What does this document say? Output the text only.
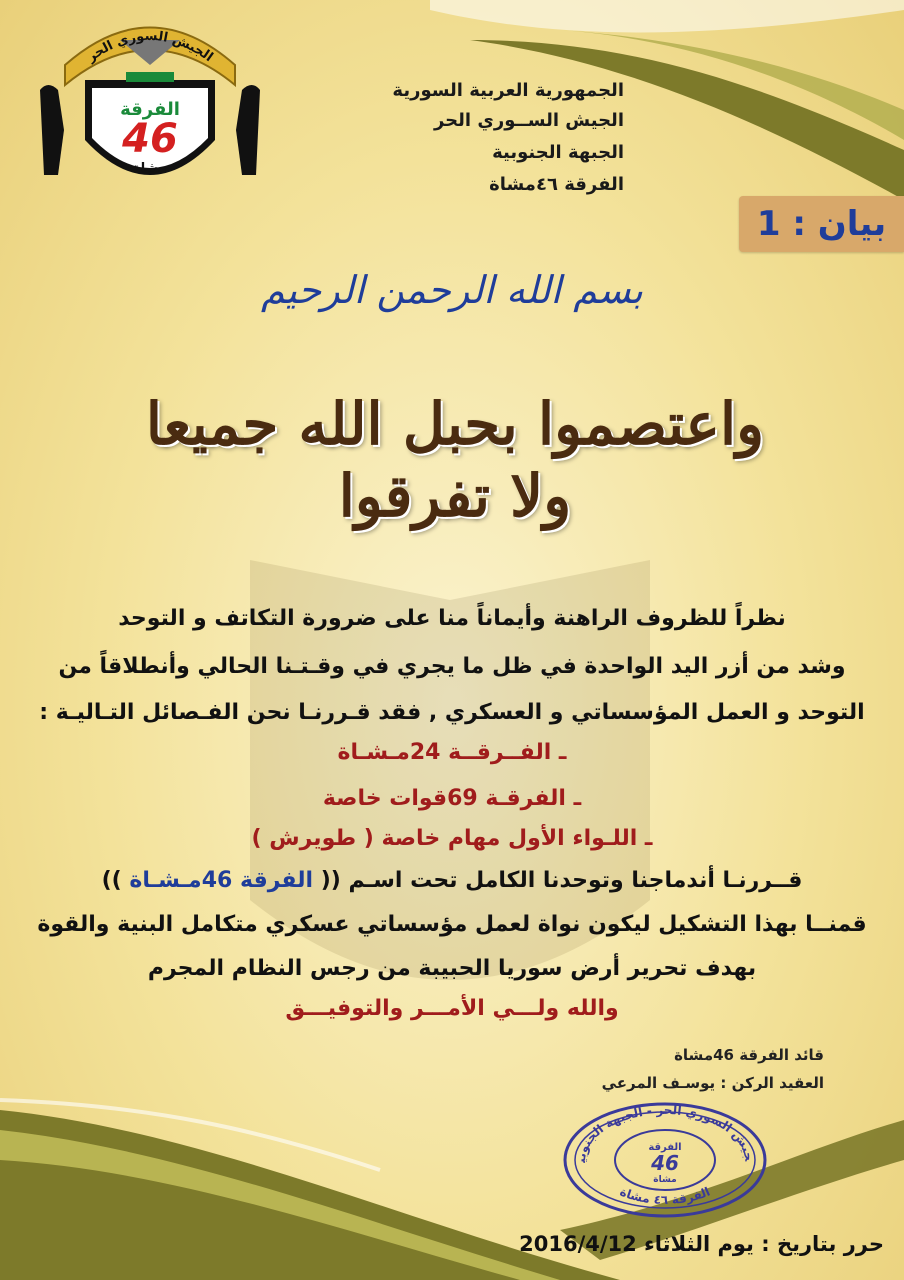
الفرقة
46
مشاة
الجيش السوري الحر
الجمهورية العربية السورية
الجيش الســوري الحر
الجبهة الجنوبية
الفرقة ٤٦مشاة
بيان : 1
بسم الله الرحمن الرحيم
واعتصموا بحبل الله جميعا ولا تفرقوا
نظراً للظروف الراهنة وأيماناً منا على ضرورة التكاتف و التوحد
وشد من أزر اليد الواحدة في ظل ما يجري في وقـتـنا الحالي وأنطلاقاً من
التوحد و العمل المؤسساتي و العسكري , فقد قـررنـا نحن الفـصائل التـاليـة :
ـ الفــرقــة 24مـشـاة
ـ الفرقـة 69قوات خاصة
ـ اللـواء الأول مهام خاصة ( طويرش )
قــررنـا أندماجنا وتوحدنا الكامل تحت اسـم (( الفرقة 46مـشـاة ))
قمنــا بهذا التشكيل ليكون نواة لعمل مؤسساتي عسكري متكامل البنية والقوة
بهدف تحرير أرض سوريا الحبيبة من رجس النظام المجرم
والله ولـــي الأمـــر والتوفيـــق
قائد الفرقة 46مشاة
العقيد الركن : يوسـف المرعي
جيش السوري الحر - الجبهة الجنوبي
الفرقة ٤٦ مشاة
الفرقة
46
مشاة
حرر بتاريخ : يوم الثلاثاء 2016/4/12
